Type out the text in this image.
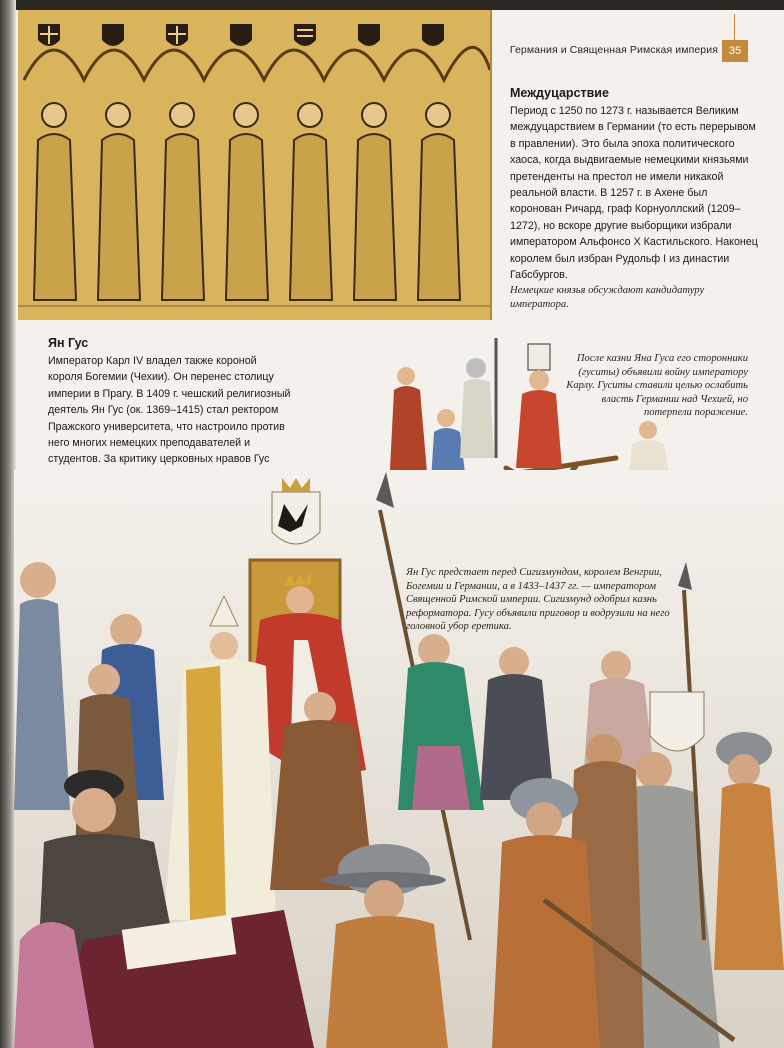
Германия и Священная Римская империя 35

Междуцарствие

Период с 1250 по 1273 г. называется Великим междуцарствием в Германии (то есть перерывом в правлении). Это была эпоха политического хаоса, когда выдвигаемые немецкими князьями претенденты на престол не имели никакой реальной власти. В 1257 г. в Ахене был коронован Ричард, граф Корнуоллский (1209–1272), но вскоре другие выборщики избрали императором Альфонсо X Кастильского. Наконец королем был избран Рудольф I из династии Габсбургов.

Немецкие князья обсуждают кандидатуру императора.

Ян Гус

Император Карл IV владел также короной короля Богемии (Чехии). Он перенес столицу империи в Прагу. В 1409 г. чешский религиозный деятель Ян Гус (ок. 1369–1415) стал ректором Пражского университета, что настроило против него многих немецких преподавателей и студентов. За критику церковных нравов Гус

После казни Яна Гуса его сторонники (гуситы) объявили войну императору Карлу. Гуситы ставили целью ослабить власть Германии над Чехией, но потерпели поражение.

Ян Гус предстает перед Сигизмундом, королем Венгрии, Богемии и Германии, а в 1433–1437 гг. — императором Священной Римской империи. Сигизмунд одобрил казнь реформатора. Гусу объявили приговор и водрузили на него головной убор еретика.
